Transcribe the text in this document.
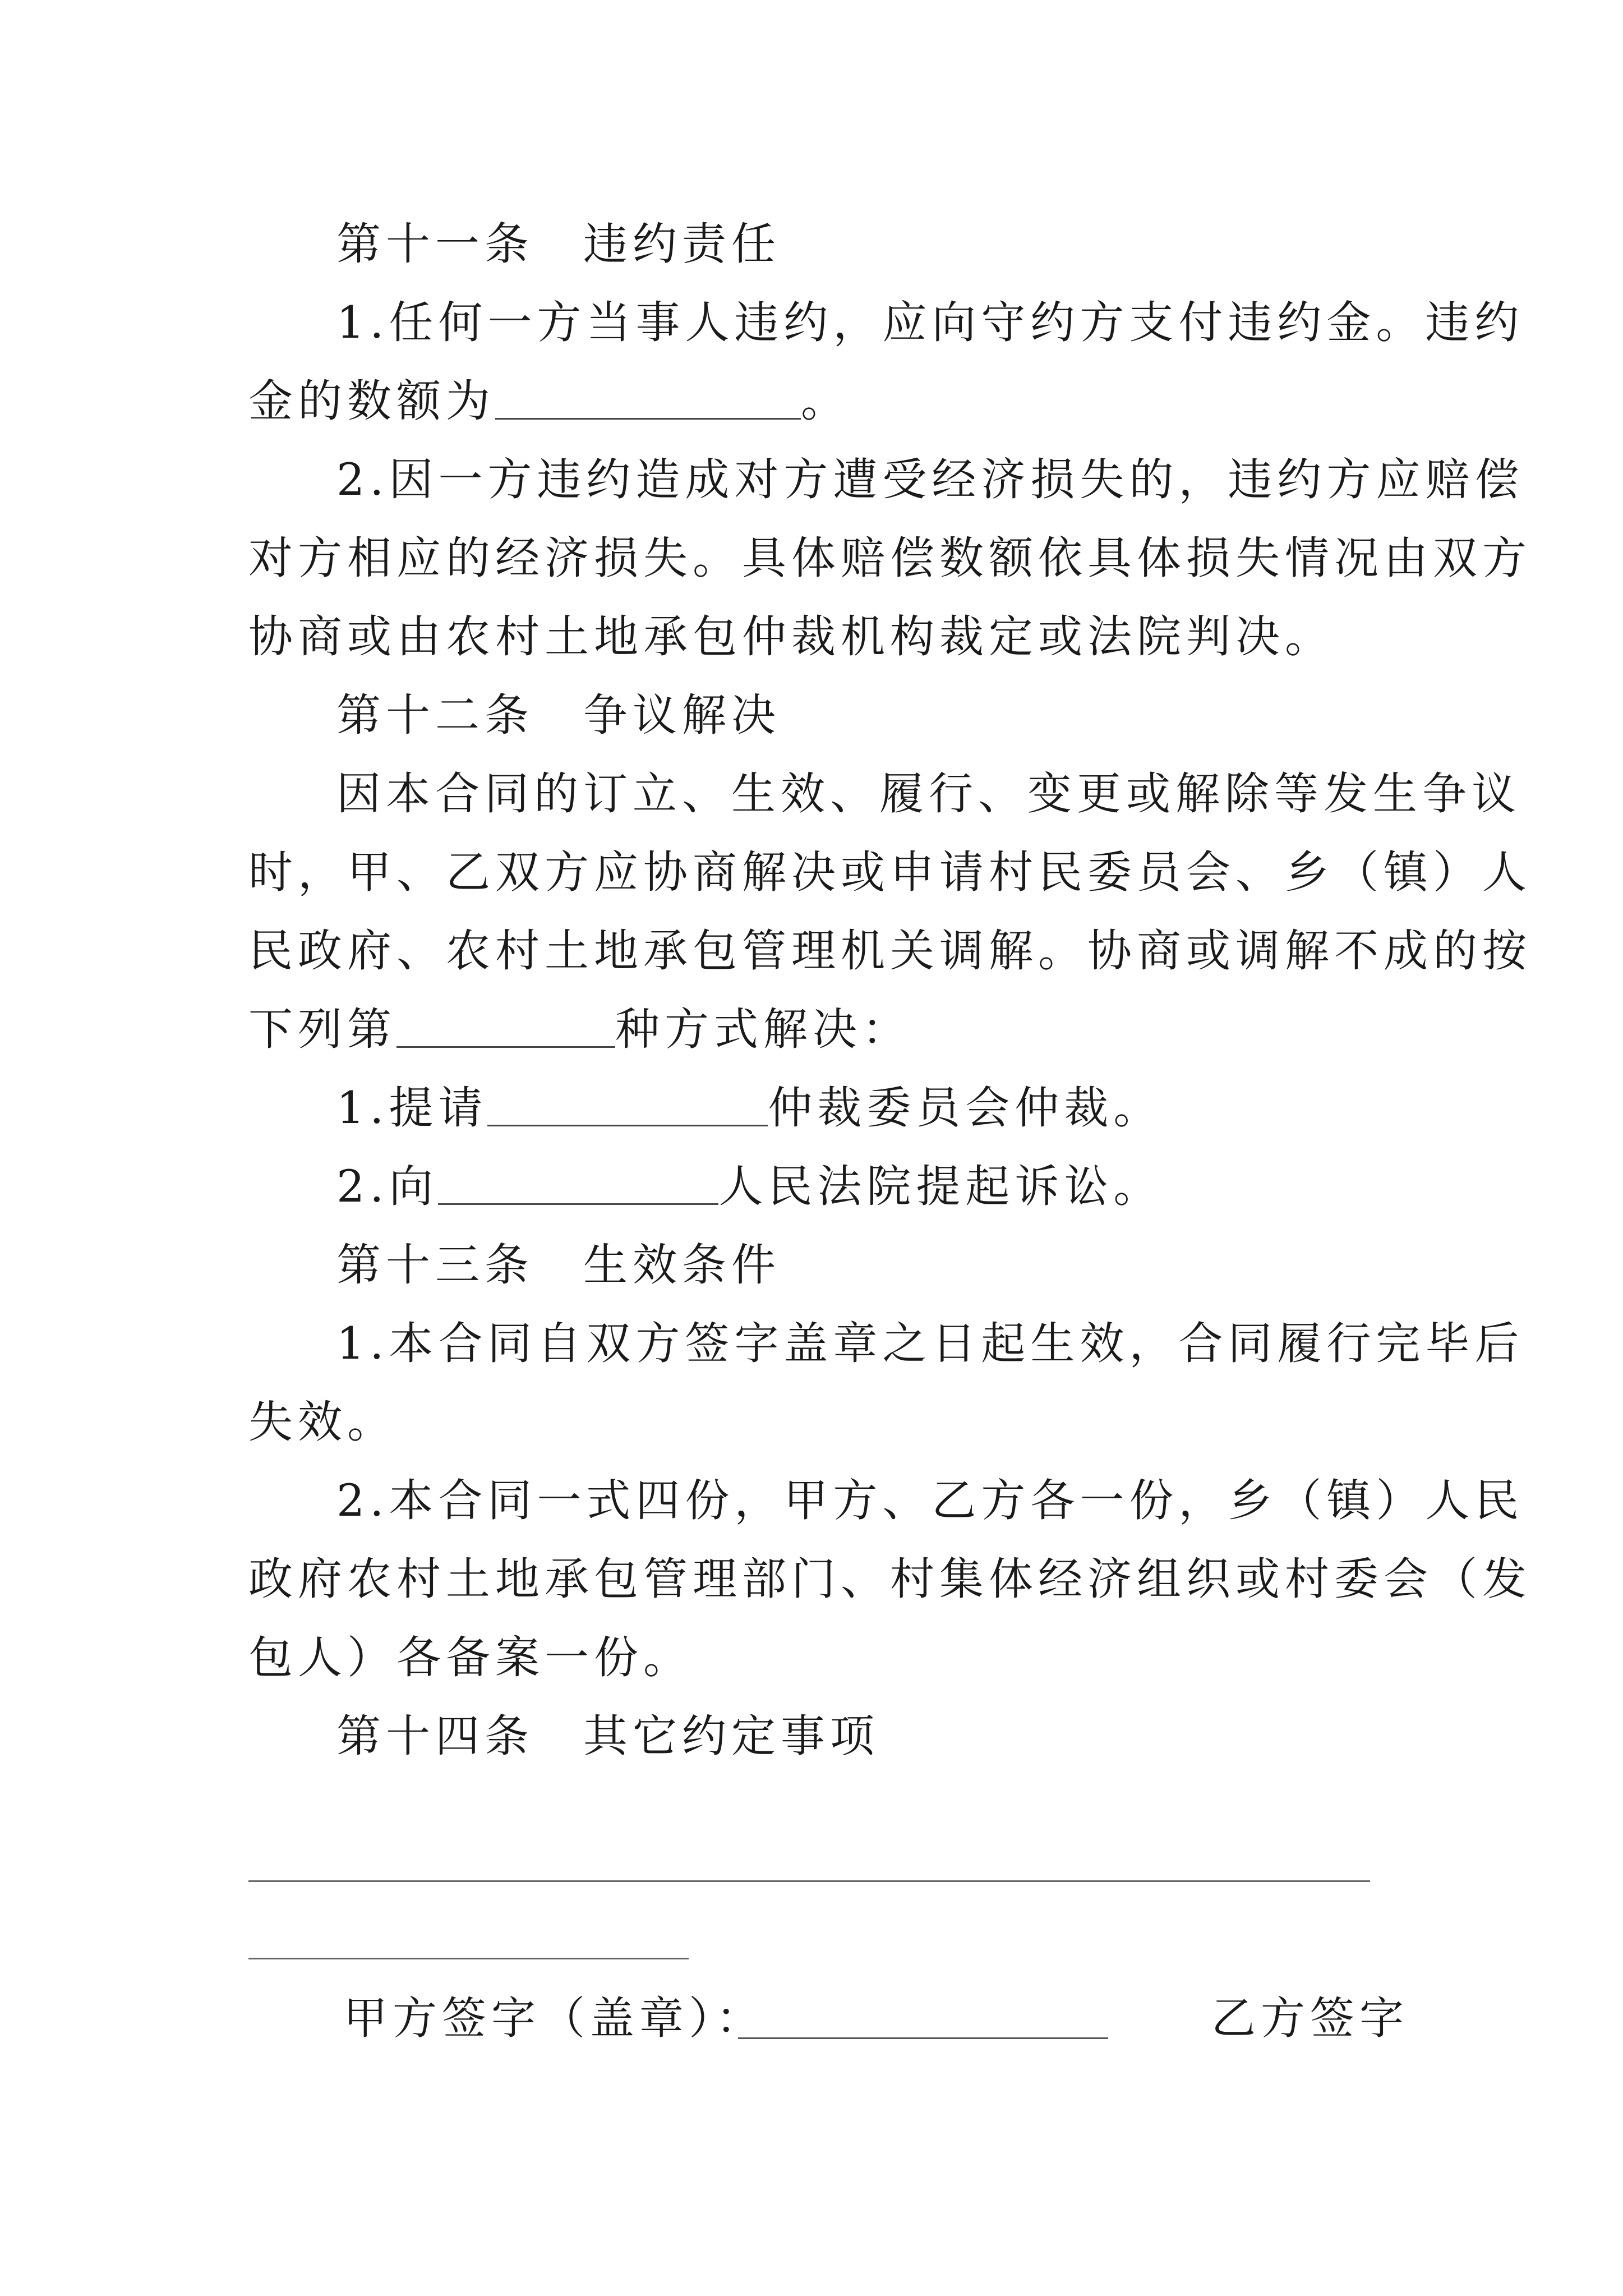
第十一条　违约责任
1.任何一方当事人违约，应向守约方支付违约金。违约
金的数额为	。
2.因一方违约造成对方遭受经济损失的，违约方应赔偿
对方相应的经济损失。具体赔偿数额依具体损失情况由双方
协商或由农村土地承包仲裁机构裁定或法院判决。
第十二条　争议解决
因本合同的订立、生效、履行、变更或解除等发生争议
时，甲、乙双方应协商解决或申请村民委员会、乡（镇）人
民政府、农村土地承包管理机关调解。协商或调解不成的按
下列第	种方式解决：
1.提请	仲裁委员会仲裁。
2.向	人民法院提起诉讼。
第十三条　生效条件
1.本合同自双方签字盖章之日起生效，合同履行完毕后
失效。
2.本合同一式四份，甲方、乙方各一份，乡（镇）人民
政府农村土地承包管理部门、村集体经济组织或村委会（发
包人）各备案一份。
第十四条　其它约定事项
甲方签字（盖章）：	乙方签字
